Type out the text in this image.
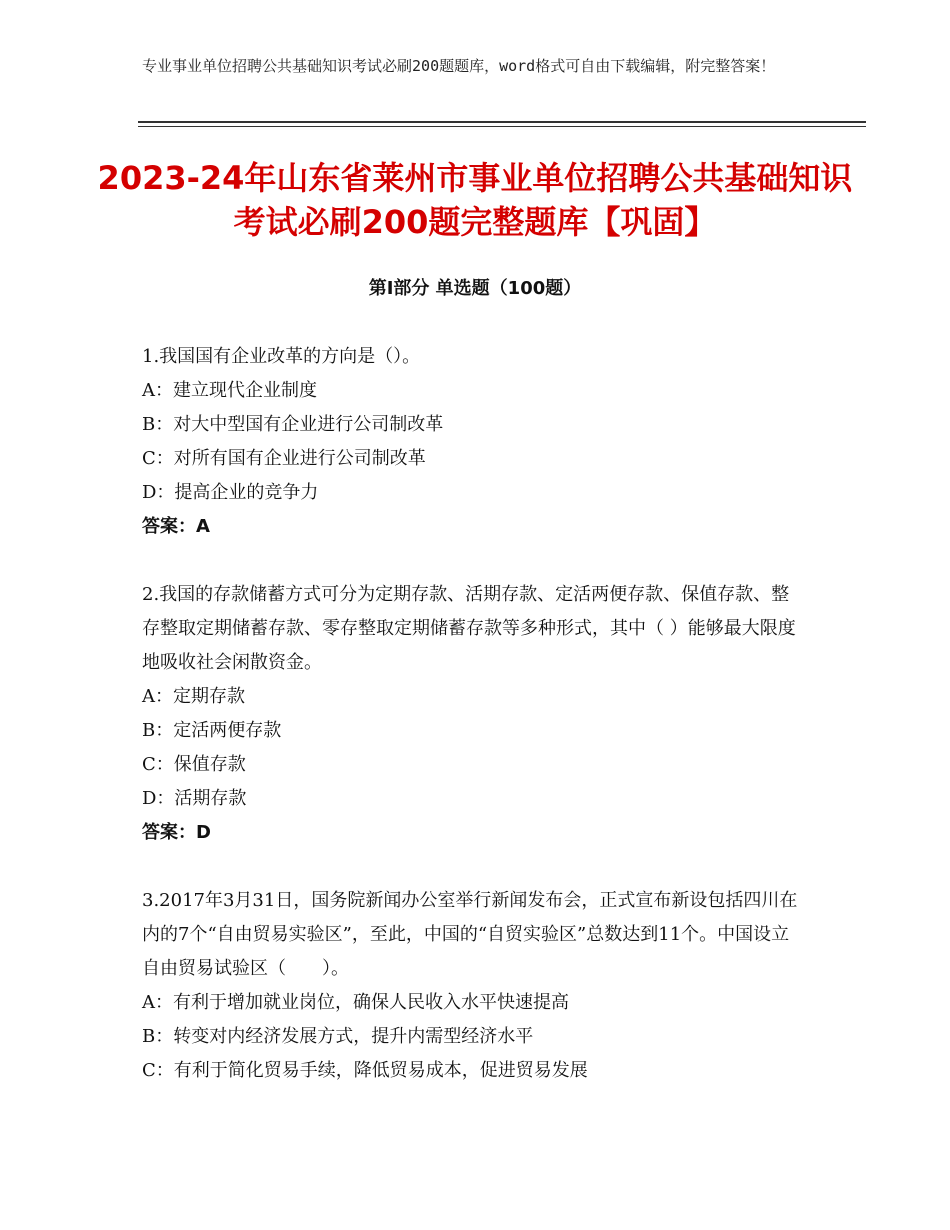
专业事业单位招聘公共基础知识考试必刷200题题库，word格式可自由下载编辑，附完整答案！
2023-24年山东省莱州市事业单位招聘公共基础知识考试必刷200题完整题库【巩固】
第Ⅰ部分 单选题（100题）

1.我国国有企业改革的方向是（）。

A：建立现代企业制度

B：对大中型国有企业进行公司制改革

C：对所有国有企业进行公司制改革

D：提高企业的竞争力

答案：A

2.我国的存款储蓄方式可分为定期存款、活期存款、定活两便存款、保值存款、整存整取定期储蓄存款、零存整取定期储蓄存款等多种形式，其中（ ）能够最大限度地吸收社会闲散资金。

A：定期存款

B：定活两便存款

C：保值存款

D：活期存款

答案：D

3.2017年3月31日，国务院新闻办公室举行新闻发布会，正式宣布新设包括四川在内的7个“自由贸易实验区”，至此，中国的“自贸实验区”总数达到11个。中国设立自由贸易试验区（　　）。

A：有利于增加就业岗位，确保人民收入水平快速提高

B：转变对内经济发展方式，提升内需型经济水平

C：有利于简化贸易手续，降低贸易成本，促进贸易发展
